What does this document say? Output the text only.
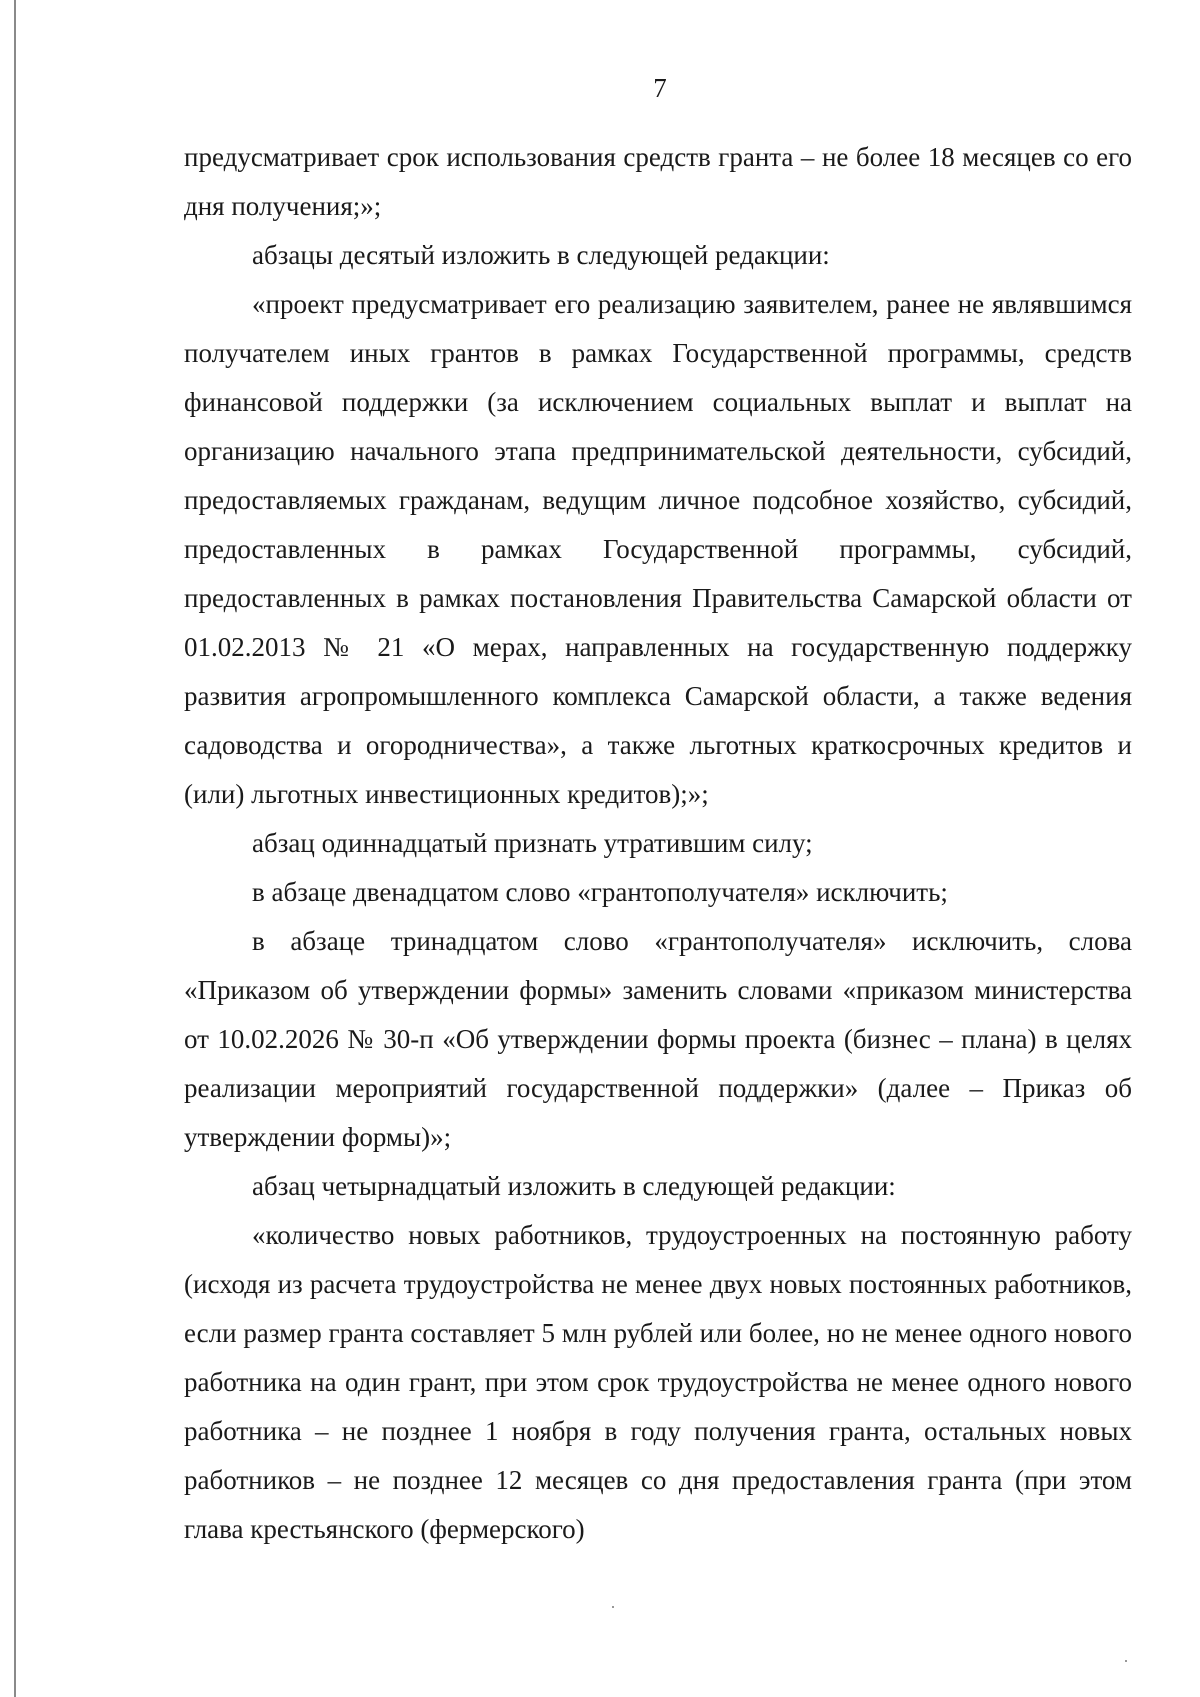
7

предусматривает срок использования средств гранта – не более 18 месяцев со его дня получения;»;

абзацы десятый изложить в следующей редакции:

«проект предусматривает его реализацию заявителем, ранее не являвшимся получателем иных грантов в рамках Государственной программы, средств финансовой поддержки (за исключением социальных выплат и выплат на организацию начального этапа предпринимательской деятельности, субсидий, предоставляемых гражданам, ведущим личное подсобное хозяйство, субсидий, предоставленных в рамках Государственной программы, субсидий, предоставленных в рамках постановления Правительства Самарской области от 01.02.2013 № 21 «О мерах, направленных на государственную поддержку развития агропромышленного комплекса Самарской области, а также ведения садоводства и огородничества», а также льготных краткосрочных кредитов и (или) льготных инвестиционных кредитов);»;

абзац одиннадцатый признать утратившим силу;

в абзаце двенадцатом слово «грантополучателя» исключить;

в абзаце тринадцатом слово «грантополучателя» исключить, слова «Приказом об утверждении формы» заменить словами «приказом министерства от 10.02.2026 № 30-п «Об утверждении формы проекта (бизнес – плана) в целях реализации мероприятий государственной поддержки» (далее – Приказ об утверждении формы)»;

абзац четырнадцатый изложить в следующей редакции:

«количество новых работников, трудоустроенных на постоянную работу (исходя из расчета трудоустройства не менее двух новых постоянных работников, если размер гранта составляет 5 млн рублей или более, но не менее одного нового работника на один грант, при этом срок трудоустройства не менее одного нового работника – не позднее 1 ноября в году получения гранта, остальных новых работников – не позднее 12 месяцев со дня предоставления гранта (при этом глава крестьянского (фермерского)
